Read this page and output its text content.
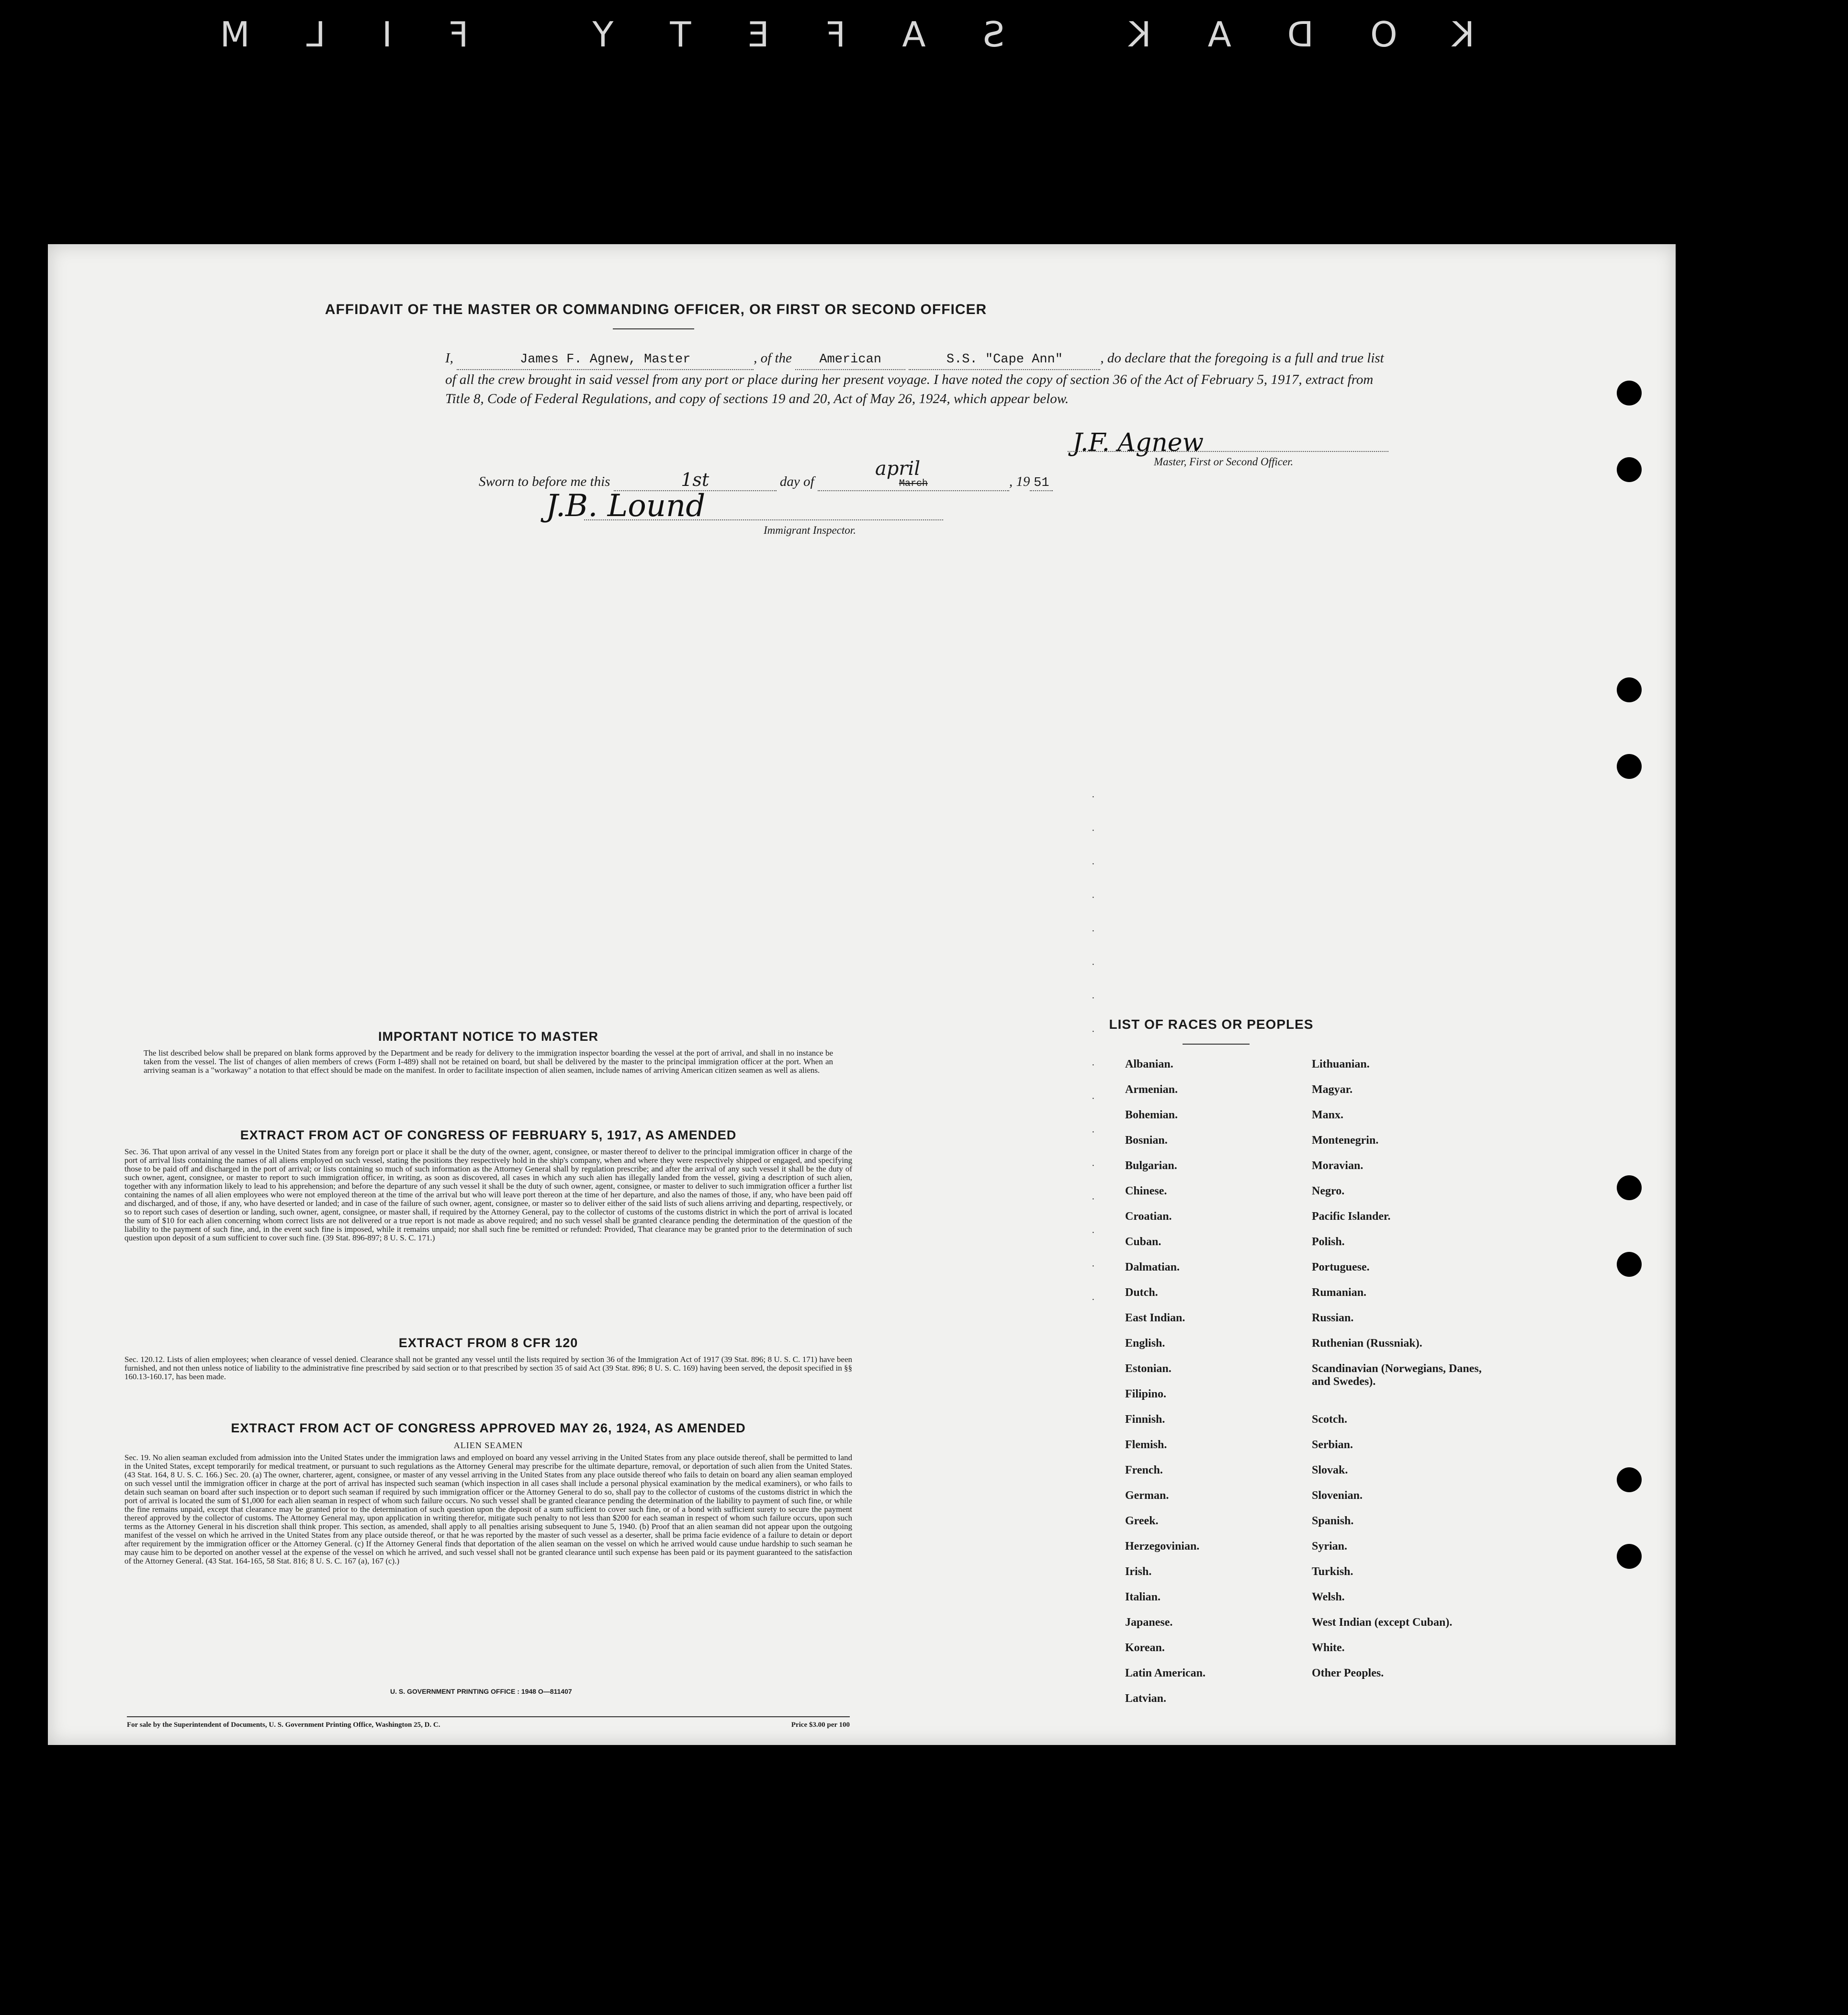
KODAK SAFETY FILM
AFFIDAVIT OF THE MASTER OR COMMANDING OFFICER, OR FIRST OR SECOND OFFICER
I,	James F. Agnew, Master	, of the American	S.S. "Cape Ann"	, do declare that the foregoing is a full and true list of all the crew brought in said vessel from any port or place during her present voyage. I have noted the copy of section 36 of the Act of February 5, 1917, extract from Title 8, Code of Federal Regulations, and copy of sections 19 and 20, Act of May 26, 1924, which appear below.
J.F. Agnew
Master, First or Second Officer.
Sworn to before me this	1st	day of	March
april
, 19 51
J.B. Lound
Immigrant Inspector.
·
·
·
·
·
·
·
·
·
·
·
·
·
·
·
·
IMPORTANT NOTICE TO MASTER

The list described below shall be prepared on blank forms approved by the Department and be ready for delivery to the immigration inspector boarding the vessel at the port of arrival, and shall in no instance be taken from the vessel. The list of changes of alien members of crews (Form I-489) shall not be retained on board, but shall be delivered by the master to the principal immigration officer at the port. When an arriving seaman is a "workaway" a notation to that effect should be made on the manifest. In order to facilitate inspection of alien seamen, include names of arriving American citizen seamen as well as aliens.

EXTRACT FROM ACT OF CONGRESS OF FEBRUARY 5, 1917, AS AMENDED

Sec. 36. That upon arrival of any vessel in the United States from any foreign port or place it shall be the duty of the owner, agent, consignee, or master thereof to deliver to the principal immigration officer in charge of the port of arrival lists containing the names of all aliens employed on such vessel, stating the positions they respectively hold in the ship's company, when and where they were respectively shipped or engaged, and specifying those to be paid off and discharged in the port of arrival; or lists containing so much of such information as the Attorney General shall by regulation prescribe; and after the arrival of any such vessel it shall be the duty of such owner, agent, consignee, or master to report to such immigration officer, in writing, as soon as discovered, all cases in which any such alien has illegally landed from the vessel, giving a description of such alien, together with any information likely to lead to his apprehension; and before the departure of any such vessel it shall be the duty of such owner, agent, consignee, or master to deliver to such immigration officer a further list containing the names of all alien employees who were not employed thereon at the time of the arrival but who will leave port thereon at the time of her departure, and also the names of those, if any, who have been paid off and discharged, and of those, if any, who have deserted or landed; and in case of the failure of such owner, agent, consignee, or master so to deliver either of the said lists of such aliens arriving and departing, respectively, or so to report such cases of desertion or landing, such owner, agent, consignee, or master shall, if required by the Attorney General, pay to the collector of customs of the customs district in which the port of arrival is located the sum of $10 for each alien concerning whom correct lists are not delivered or a true report is not made as above required; and no such vessel shall be granted clearance pending the determination of the question of the liability to the payment of such fine, and, in the event such fine is imposed, while it remains unpaid; nor shall such fine be remitted or refunded: Provided, That clearance may be granted prior to the determination of such question upon deposit of a sum sufficient to cover such fine. (39 Stat. 896-897; 8 U. S. C. 171.)

EXTRACT FROM 8 CFR 120

Sec. 120.12. Lists of alien employees; when clearance of vessel denied. Clearance shall not be granted any vessel until the lists required by section 36 of the Immigration Act of 1917 (39 Stat. 896; 8 U. S. C. 171) have been furnished, and not then unless notice of liability to the administrative fine prescribed by said section or to that prescribed by section 35 of said Act (39 Stat. 896; 8 U. S. C. 169) having been served, the deposit specified in §§ 160.13-160.17, has been made.

EXTRACT FROM ACT OF CONGRESS APPROVED MAY 26, 1924, AS AMENDED
ALIEN SEAMEN

Sec. 19. No alien seaman excluded from admission into the United States under the immigration laws and employed on board any vessel arriving in the United States from any place outside thereof, shall be permitted to land in the United States, except temporarily for medical treatment, or pursuant to such regulations as the Attorney General may prescribe for the ultimate departure, removal, or deportation of such alien from the United States. (43 Stat. 164, 8 U. S. C. 166.) Sec. 20. (a) The owner, charterer, agent, consignee, or master of any vessel arriving in the United States from any place outside thereof who fails to detain on board any alien seaman employed on such vessel until the immigration officer in charge at the port of arrival has inspected such seaman (which inspection in all cases shall include a personal physical examination by the medical examiners), or who fails to detain such seaman on board after such inspection or to deport such seaman if required by such immigration officer or the Attorney General to do so, shall pay to the collector of customs of the customs district in which the port of arrival is located the sum of $1,000 for each alien seaman in respect of whom such failure occurs. No such vessel shall be granted clearance pending the determination of the liability to payment of such fine, or while the fine remains unpaid, except that clearance may be granted prior to the determination of such question upon the deposit of a sum sufficient to cover such fine, or of a bond with sufficient surety to secure the payment thereof approved by the collector of customs. The Attorney General may, upon application in writing therefor, mitigate such penalty to not less than $200 for each seaman in respect of whom such failure occurs, upon such terms as the Attorney General in his discretion shall think proper. This section, as amended, shall apply to all penalties arising subsequent to June 5, 1940. (b) Proof that an alien seaman did not appear upon the outgoing manifest of the vessel on which he arrived in the United States from any place outside thereof, or that he was reported by the master of such vessel as a deserter, shall be prima facie evidence of a failure to detain or deport after requirement by the immigration officer or the Attorney General. (c) If the Attorney General finds that deportation of the alien seaman on the vessel on which he arrived would cause undue hardship to such seaman he may cause him to be deported on another vessel at the expense of the vessel on which he arrived, and such vessel shall not be granted clearance until such expense has been paid or its payment guaranteed to the satisfaction of the Attorney General. (43 Stat. 164-165, 58 Stat. 816; 8 U. S. C. 167 (a), 167 (c).)

U. S. GOVERNMENT PRINTING OFFICE : 1948 O—811407
For sale by the Superintendent of Documents, U. S. Government Printing Office, Washington 25, D. C.	Price $3.00 per 100
LIST OF RACES OR PEOPLES
Albanian.
Armenian.
Bohemian.
Bosnian.
Bulgarian.
Chinese.
Croatian.
Cuban.
Dalmatian.
Dutch.
East Indian.
English.
Estonian.
Filipino.
Finnish.
Flemish.
French.
German.
Greek.
Herzegovinian.
Irish.
Italian.
Japanese.
Korean.
Latin American.
Latvian.
Lithuanian.
Magyar.
Manx.
Montenegrin.
Moravian.
Negro.
Pacific Islander.
Polish.
Portuguese.
Rumanian.
Russian.
Ruthenian (Russniak).
Scandinavian (Norwegians, Danes, and Swedes).
Scotch.
Serbian.
Slovak.
Slovenian.
Spanish.
Syrian.
Turkish.
Welsh.
West Indian (except Cuban).
White.
Other Peoples.
